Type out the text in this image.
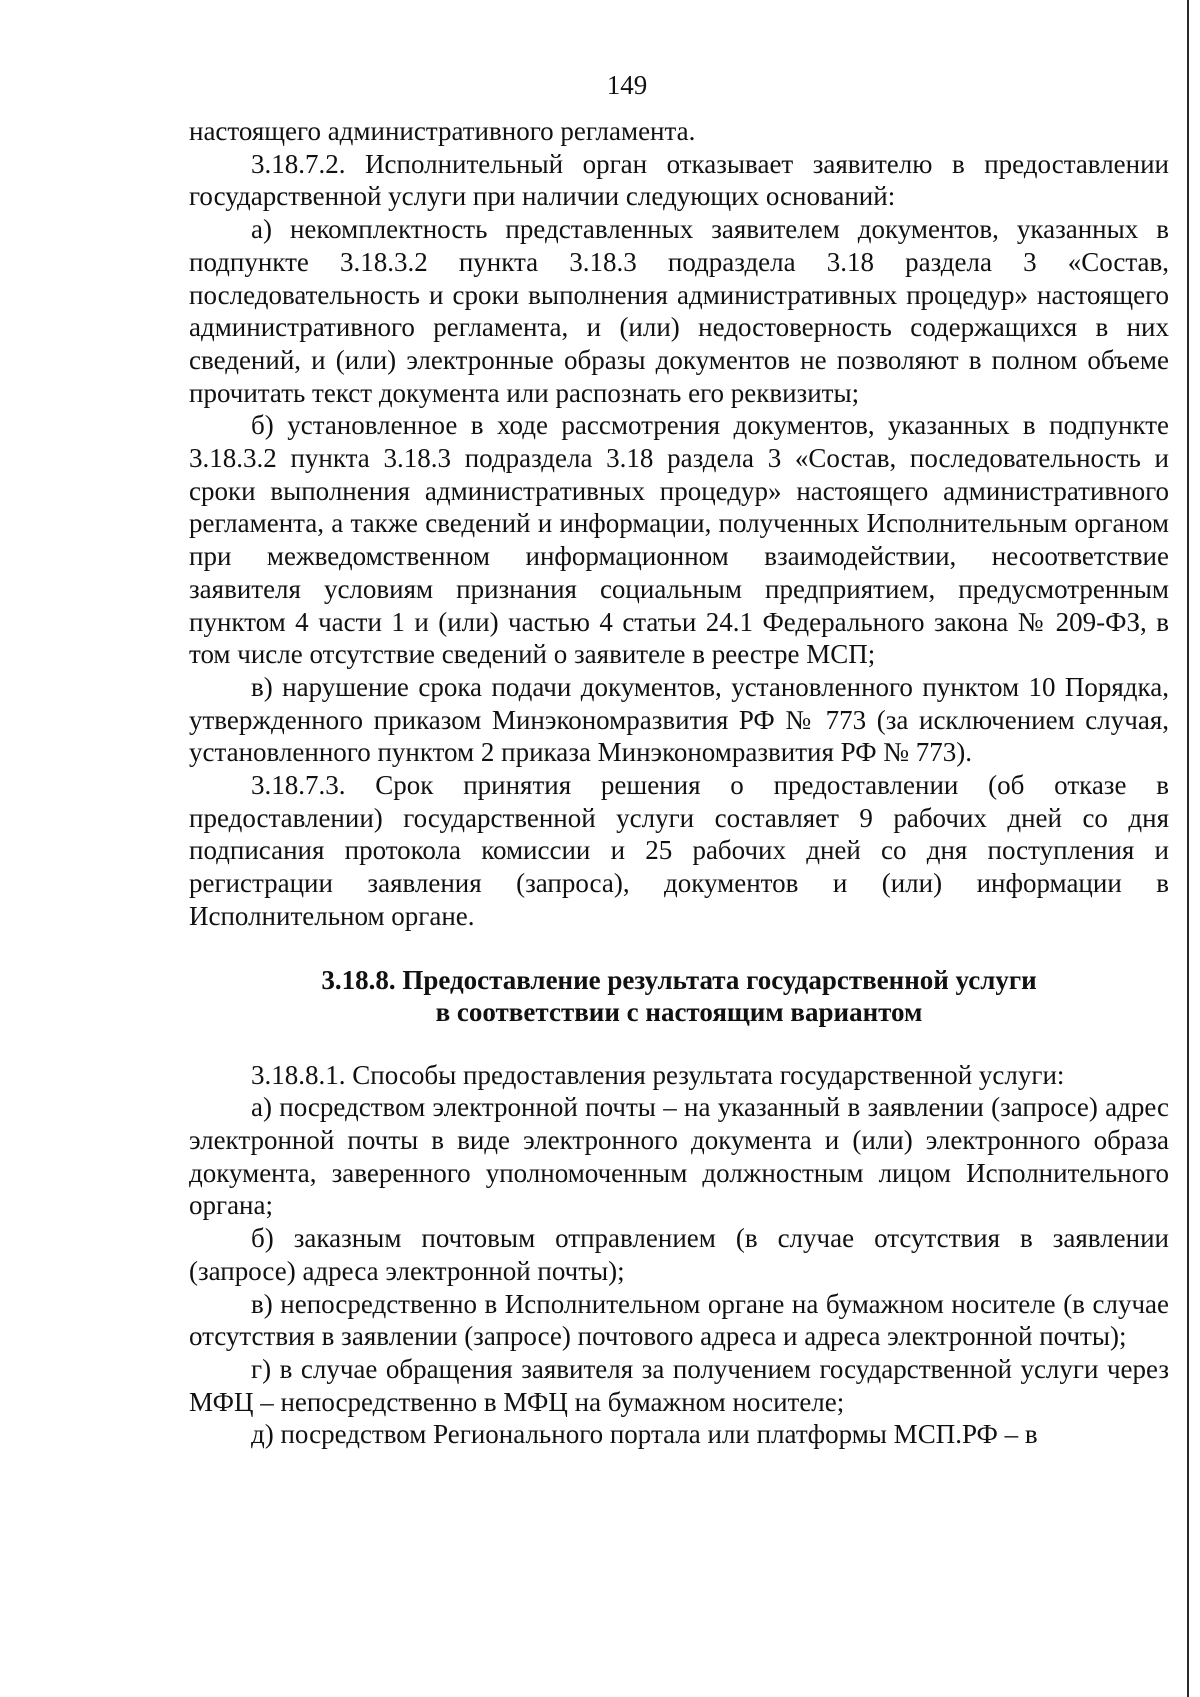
149

настоящего административного регламента.

3.18.7.2. Исполнительный орган отказывает заявителю в предоставлении государственной услуги при наличии следующих оснований:

а) некомплектность представленных заявителем документов, указанных в подпункте 3.18.3.2 пункта 3.18.3 подраздела 3.18 раздела 3 «Состав, последовательность и сроки выполнения административных процедур» настоящего административного регламента, и (или) недостоверность содержащихся в них сведений, и (или) электронные образы документов не позволяют в полном объеме прочитать текст документа или распознать его реквизиты;

б) установленное в ходе рассмотрения документов, указанных в подпункте 3.18.3.2 пункта 3.18.3 подраздела 3.18 раздела 3 «Состав, последовательность и сроки выполнения административных процедур» настоящего административного регламента, а также сведений и информации, полученных Исполнительным органом при межведомственном информационном взаимодействии, несоответствие заявителя условиям признания социальным предприятием, предусмотренным пунктом 4 части 1 и (или) частью 4 статьи 24.1 Федерального закона № 209-ФЗ, в том числе отсутствие сведений о заявителе в реестре МСП;

в) нарушение срока подачи документов, установленного пунктом 10 Порядка, утвержденного приказом Минэкономразвития РФ № 773 (за исключением случая, установленного пунктом 2 приказа Минэкономразвития РФ № 773).

3.18.7.3. Срок принятия решения о предоставлении (об отказе в предоставлении) государственной услуги составляет 9 рабочих дней со дня подписания протокола комиссии и 25 рабочих дней со дня поступления и регистрации заявления (запроса), документов и (или) информации в Исполнительном органе.

3.18.8. Предоставление результата государственной услуги
в соответствии с настоящим вариантом

3.18.8.1. Способы предоставления результата государственной услуги:

а) посредством электронной почты – на указанный в заявлении (запросе) адрес электронной почты в виде электронного документа и (или) электронного образа документа, заверенного уполномоченным должностным лицом Исполнительного органа;

б) заказным почтовым отправлением (в случае отсутствия в заявлении (запросе) адреса электронной почты);

в) непосредственно в Исполнительном органе на бумажном носителе (в случае отсутствия в заявлении (запросе) почтового адреса и адреса электронной почты);

г) в случае обращения заявителя за получением государственной услуги через МФЦ – непосредственно в МФЦ на бумажном носителе;

д) посредством Регионального портала или платформы МСП.РФ – в
